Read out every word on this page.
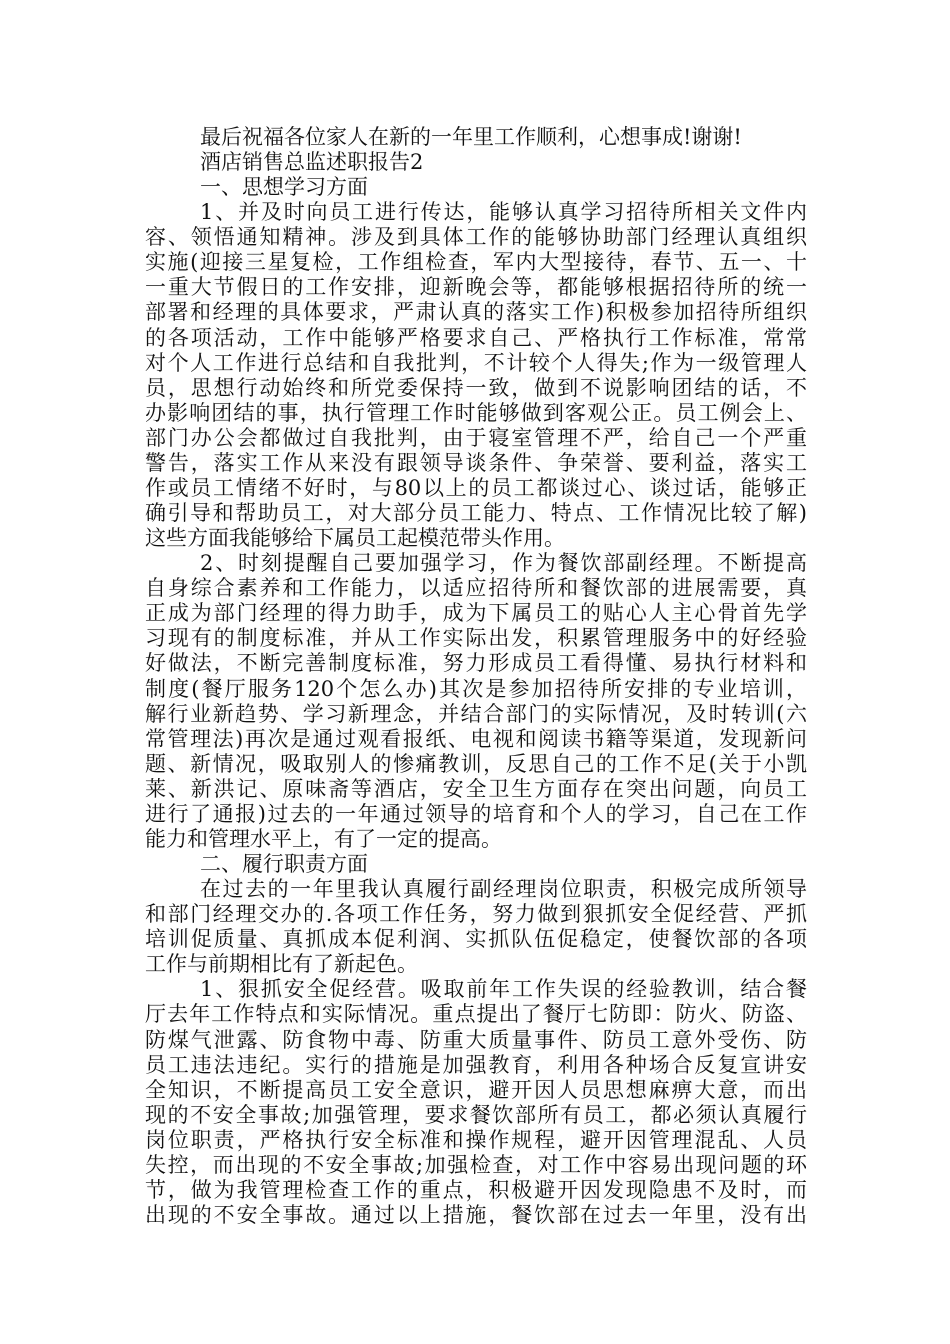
最后祝福各位家人在新的一年里工作顺利，心想事成!谢谢!
酒店销售总监述职报告2
一、思想学习方面
1、并及时向员工进行传达，能够认真学习招待所相关文件内
容、领悟通知精神。涉及到具体工作的能够协助部门经理认真组织
实施(迎接三星复检，工作组检查，军内大型接待，春节、五一、十
一重大节假日的工作安排，迎新晚会等，都能够根据招待所的统一
部署和经理的具体要求，严肃认真的落实工作)积极参加招待所组织
的各项活动，工作中能够严格要求自己、严格执行工作标准，常常
对个人工作进行总结和自我批判，不计较个人得失;作为一级管理人
员，思想行动始终和所党委保持一致，做到不说影响团结的话，不
办影响团结的事，执行管理工作时能够做到客观公正。员工例会上、
部门办公会都做过自我批判，由于寝室管理不严，给自己一个严重
警告，落实工作从来没有跟领导谈条件、争荣誉、要利益，落实工
作或员工情绪不好时，与80以上的员工都谈过心、谈过话，能够正
确引导和帮助员工，对大部分员工能力、特点、工作情况比较了解)
这些方面我能够给下属员工起模范带头作用。
2、时刻提醒自己要加强学习，作为餐饮部副经理。不断提高
自身综合素养和工作能力，以适应招待所和餐饮部的进展需要，真
正成为部门经理的得力助手，成为下属员工的贴心人主心骨首先学
习现有的制度标准，并从工作实际出发，积累管理服务中的好经验
好做法，不断完善制度标准，努力形成员工看得懂、易执行材料和
制度(餐厅服务120个怎么办)其次是参加招待所安排的专业培训，
解行业新趋势、学习新理念，并结合部门的实际情况，及时转训(六
常管理法)再次是通过观看报纸、电视和阅读书籍等渠道，发现新问
题、新情况，吸取别人的惨痛教训，反思自己的工作不足(关于小凯
莱、新洪记、原味斋等酒店，安全卫生方面存在突出问题，向员工
进行了通报)过去的一年通过领导的培育和个人的学习，自己在工作
能力和管理水平上，有了一定的提高。
二、履行职责方面
在过去的一年里我认真履行副经理岗位职责，积极完成所领导
和部门经理交办的.各项工作任务，努力做到狠抓安全促经营、严抓
培训促质量、真抓成本促利润、实抓队伍促稳定，使餐饮部的各项
工作与前期相比有了新起色。
1、狠抓安全促经营。吸取前年工作失误的经验教训，结合餐
厅去年工作特点和实际情况。重点提出了餐厅七防即：防火、防盗、
防煤气泄露、防食物中毒、防重大质量事件、防员工意外受伤、防
员工违法违纪。实行的措施是加强教育，利用各种场合反复宣讲安
全知识，不断提高员工安全意识，避开因人员思想麻痹大意，而出
现的不安全事故;加强管理，要求餐饮部所有员工，都必须认真履行
岗位职责，严格执行安全标准和操作规程，避开因管理混乱、人员
失控，而出现的不安全事故;加强检查，对工作中容易出现问题的环
节，做为我管理检查工作的重点，积极避开因发现隐患不及时，而
出现的不安全事故。通过以上措施，餐饮部在过去一年里，没有出
